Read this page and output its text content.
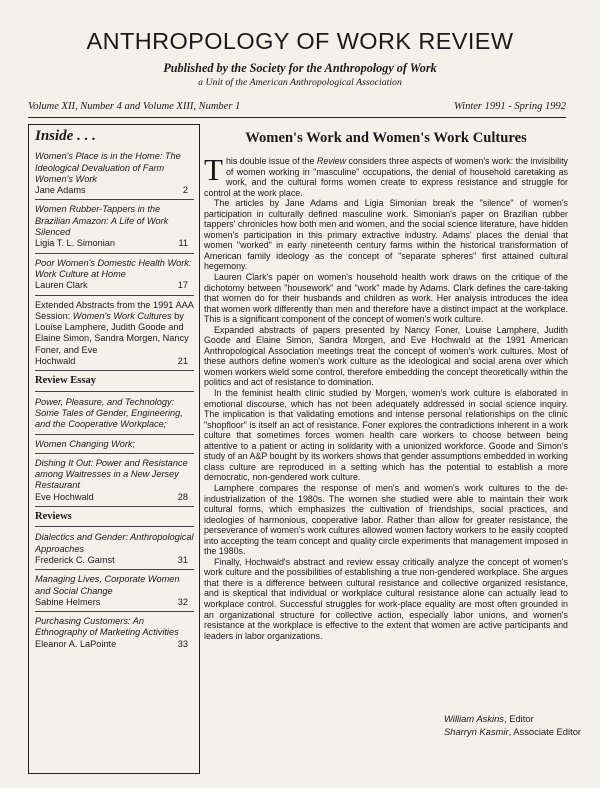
ANTHROPOLOGY OF WORK REVIEW
Published by the Society for the Anthropology of Work
a Unit of the American Anthropological Association
Volume XII, Number 4 and Volume XIII, Number 1	Winter 1991 - Spring 1992
Inside . . .
Women's Place is in the Home: The Ideological Devaluation of Farm Women's Work
Jane Adams	2
Women Rubber-Tappers in the Brazilian Amazon: A Life of Work Silenced
Ligia T. L. Simonian	11
Poor Women's Domestic Health Work: Work Culture at Home
Lauren Clark	17
Extended Abstracts from the 1991 AAA Session: Women's Work Cultures by Louise Lamphere, Judith Goode and Elaine Simon, Sandra Morgen, Nancy Foner, and Eve
Hochwald	21
Review Essay
Power, Pleasure, and Technology: Some Tales of Gender, Engineering, and the Cooperative Workplace;
Women Changing Work;
Dishing It Out: Power and Resistance among Waitresses in a New Jersey Restaurant
Eve Hochwald	28
Reviews
Dialectics and Gender: Anthropological Approaches
Frederick C. Gamst	31
Managing Lives, Corporate Women and Social Change
Sabine Helmers	32
Purchasing Customers: An Ethnography of Marketing Activities
Eleanor A. LaPointe	33
Women's Work and Women's Work Cultures

This double issue of the Review considers three aspects of women's work: the invisibility of women working in "masculine" occupations, the denial of household caretaking as work, and the cultural forms women create to express resistance and struggle for control at the work place.

The articles by Jane Adams and Ligia Simonian break the "silence" of women's participation in culturally defined masculine work. Simonian's paper on Brazilian rubber tappers' chronicles how both men and women, and the social science literature, have hidden women's participation in this primary extractive industry. Adams' places the denial that women "worked" in early nineteenth century farms within the historical transformation of American family ideology as the concept of "separate spheres" first attained cultural hegemony.

Lauren Clark's paper on women's household health work draws on the critique of the dichotomy between "housework" and "work" made by Adams. Clark defines the care-taking that women do for their husbands and children as work. Her analysis introduces the idea that women work differently than men and therefore have a distinct impact at the workplace. This is a significant component of the concept of women's work culture.

Expanded abstracts of papers presented by Nancy Foner, Louise Lamphere, Judith Goode and Elaine Simon, Sandra Morgen, and Eve Hochwald at the 1991 American Anthropological Association meetings treat the concept of women's work cultures. Most of these authors define women's work culture as the ideological and social arena over which women workers wield some control, therefore embedding the concept theoretically within the politics and act of resistance to domination.

In the feminist health clinic studied by Morgen, women's work culture is elaborated in emotional discourse, which has not been adequately addressed in social science inquiry. The implication is that validating emotions and intense personal relationships on the clinic "shopfloor" is itself an act of resistance. Foner explores the contradictions inherent in a work culture that sometimes forces women health care workers to choose between being attentive to a patient or acting in solidarity with a unionized workforce. Goode and Simon's study of an A&P bought by its workers shows that gender assumptions embedded in working class culture are reproduced in a setting which has the potential to establish a more democratic, non-gendered work culture.

Lamphere compares the response of men's and women's work cultures to the de-industrialization of the 1980s. The women she studied were able to maintain their work cultural forms, which emphasizes the cultivation of friendships, social practices, and ideologies of harmonious, cooperative labor. Rather than allow for greater resistance, the perseverance of women's work cultures allowed women factory workers to be easily coopted into accepting the team concept and quality circle experiments that management imposed in the 1980s.

Finally, Hochwald's abstract and review essay critically analyze the concept of women's work culture and the possibilities of establishing a true non-gendered workplace. She argues that there is a difference between cultural resistance and collective organized resistance, and is skeptical that individual or workplace cultural resistance alone can actually lead to workplace control. Successful struggles for work-place equality are most often grounded in an organizational structure for collective action, especially labor unions, and women's resistance at the workplace is effective to the extent that women are active participants and leaders in labor organizations.

William Askins, Editor
Sharryn Kasmir, Associate Editor
